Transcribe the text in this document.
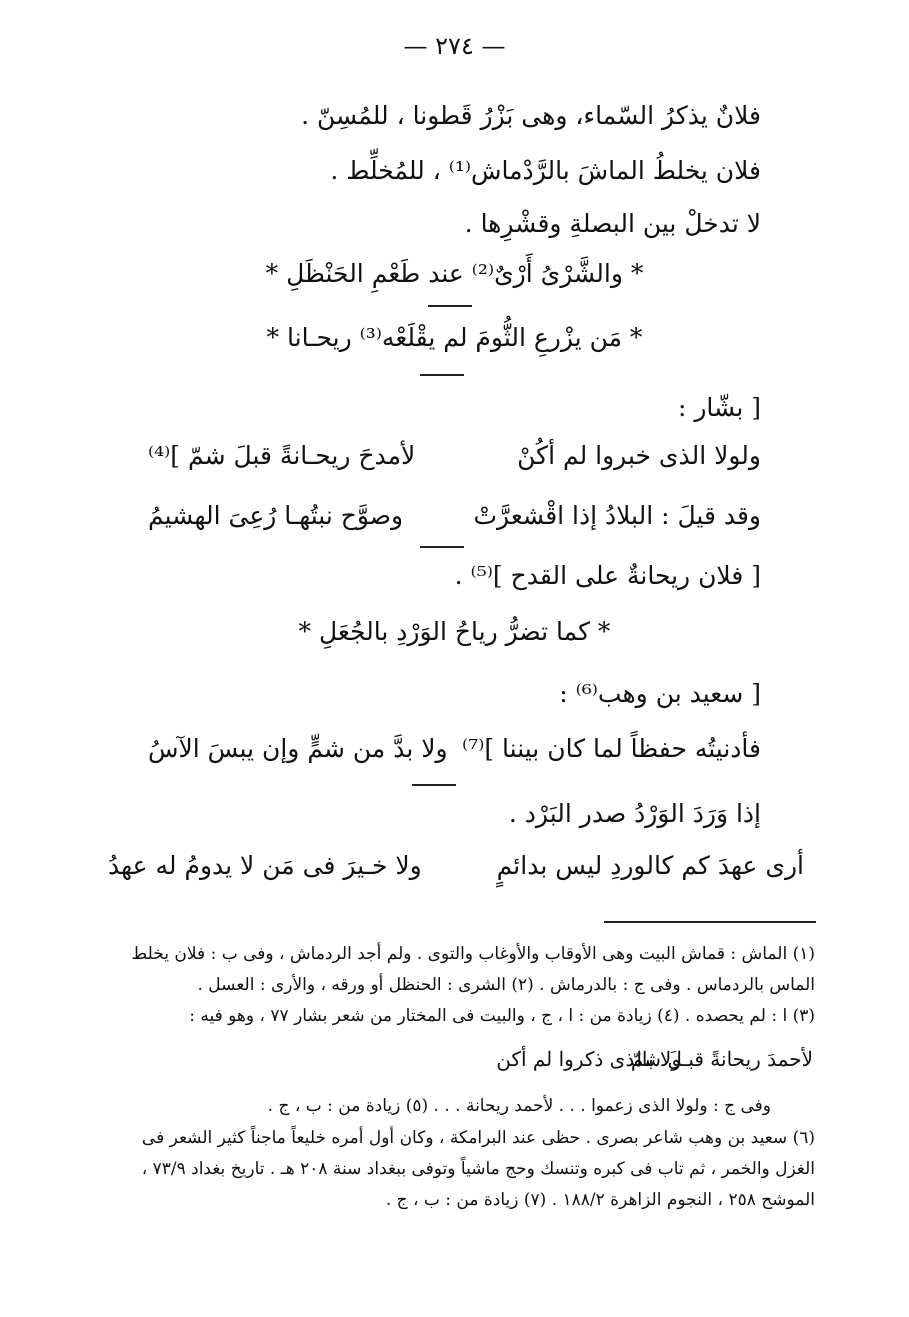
— ٢٧٤ —
فلانٌ يذكرُ السّماء، وهى بَزْرُ قَطونا ، للمُسِنّ .
فلان يخلطُ الماشَ بالرَّدْماش⁽¹⁾ ، للمُخلِّط .
لا تدخلْ بين البصلةِ وقشْرِها .
* والشَّرْىُ أَرْىٌ⁽²⁾ عند طَعْمِ الحَنْظَلِ *
* مَن يزْرعِ الثُّومَ لم يقْلَعْه⁽³⁾ ريحـانا *
[ بشّار :
ولولا الذى خبروا لم أكُنْ
لأمدحَ ريحـانةً قبلَ شمّ ]⁽⁴⁾
وقد قيلَ : البلادُ إذا اقْشعرَّتْ
وصوَّح نبتُهـا رُعِىَ الهشيمُ
[ فلان ريحانةٌ على القدح ]⁽⁵⁾ .
* كما تضرُّ رياحُ الوَرْدِ بالجُعَلِ *
[ سعيد بن وهب⁽⁶⁾ :
فأدنيتُه حفظاً لما كان بيننا ]⁽⁷⁾
ولا بدَّ من شمٍّ وإن يبسَ الآسُ
إذا وَرَدَ الوَرْدُ صدر البَرْد .
أرى عهدَ كم كالوردِ ليس بدائمٍ
ولا خـيرَ فى مَن لا يدومُ له عهدُ
(١) الماش : قماش البيت وهى الأوقاب والأوغاب والتوى . ولم أجد الردماش ، وفى ب : فلان يخلط
الماس بالردماس . وفى ج : بالدرماش . (٢) الشرى : الحنظل أو ورقه ، والأرى : العسل .
(٣) ا : لم يحصده . (٤) زيادة من : ا ، ج ، والبيت فى المختار من شعر بشار ٧٧ ، وهو فيه :
ولا بالذى ذكروا لم أكن
لأحمدَ ريحانةً قبـلَ شمّ
وفى ج : ولولا الذى زعموا . . . لأحمد ريحانة . . . (٥) زيادة من : ب ، ج .
(٦) سعيد بن وهب شاعر بصرى . حظى عند البرامكة ، وكان أول أمره خليعاً ماجناً كثير الشعر فى
الغزل والخمر ، ثم تاب فى كبره وتنسك وحج ماشياً وتوفى ببغداد سنة ٢٠٨ هـ . تاريخ بغداد ٧٣/٩ ،
الموشح ٢٥٨ ، النجوم الزاهرة ١٨٨/٢ . (٧) زيادة من : ب ، ج .
